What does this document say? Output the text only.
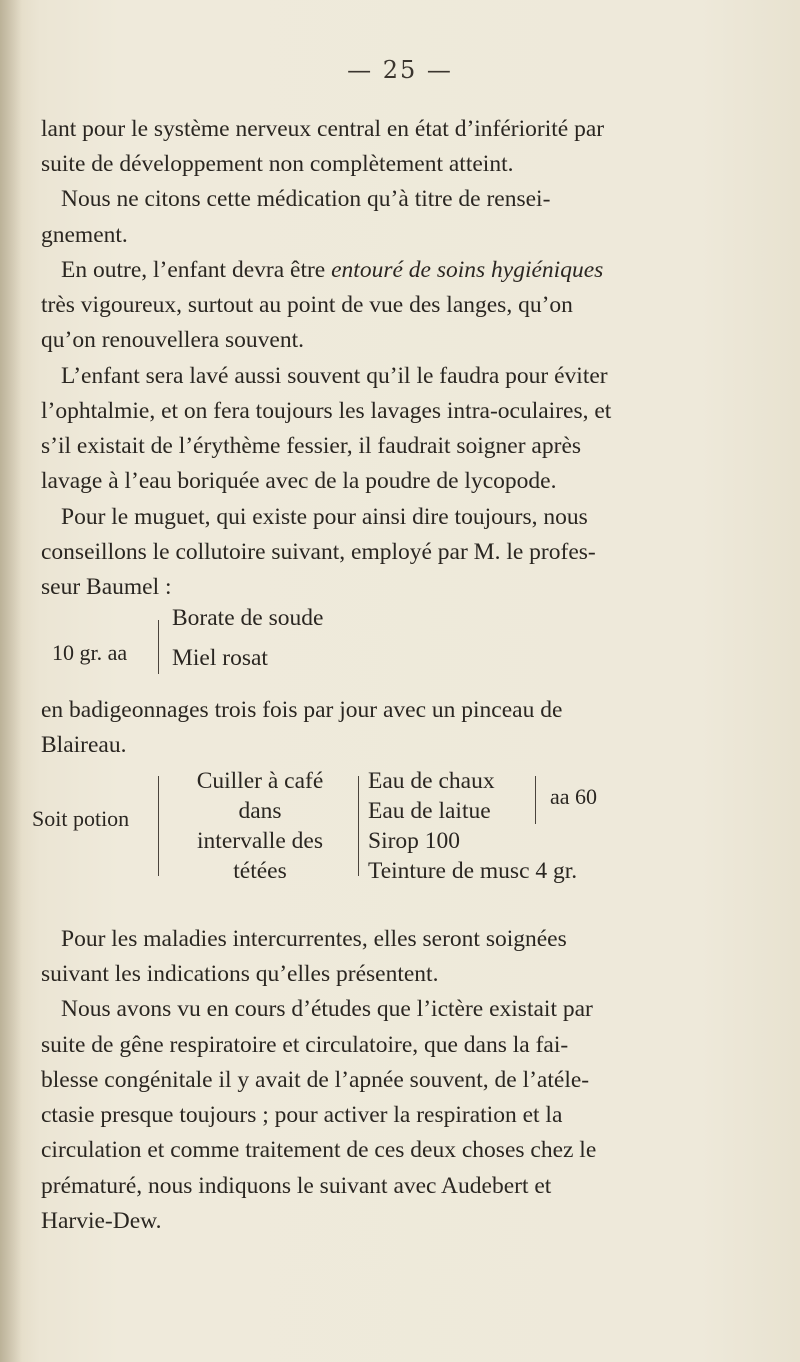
— 25 —
lant pour le système nerveux central en état d’infériorité par
suite de développement non complètement atteint.
Nous ne citons cette médication qu’à titre de rensei-
gnement.
En outre, l’enfant devra être entouré de soins hygiéniques
très vigoureux, surtout au point de vue des langes, qu’on
qu’on renouvellera souvent.
L’enfant sera lavé aussi souvent qu’il le faudra pour éviter
l’ophtalmie, et on fera toujours les lavages intra-oculaires, et
s’il existait de l’érythème fessier, il faudrait soigner après
lavage à l’eau boriquée avec de la poudre de lycopode.
Pour le muguet, qui existe pour ainsi dire toujours, nous
conseillons le collutoire suivant, employé par M. le profes-
seur Baumel :
en badigeonnages trois fois par jour avec un pinceau de
Blaireau.
Pour les maladies intercurrentes, elles seront soignées
suivant les indications qu’elles présentent.
Nous avons vu en cours d’études que l’ictère existait par
suite de gêne respiratoire et circulatoire, que dans la fai-
blesse congénitale il y avait de l’apnée souvent, de l’atéle-
ctasie presque toujours ; pour activer la respiration et la
circulation et comme traitement de ces deux choses chez le
prématuré, nous indiquons le suivant avec Audebert et
Harvie-Dew.
10 gr. aa
Borate de soude
Miel rosat
Soit potion
Cuiller à café
dans
intervalle des
tétées
Eau de chaux
Eau de laitue
Sirop 100
Teinture de musc 4 gr.
aa 60
